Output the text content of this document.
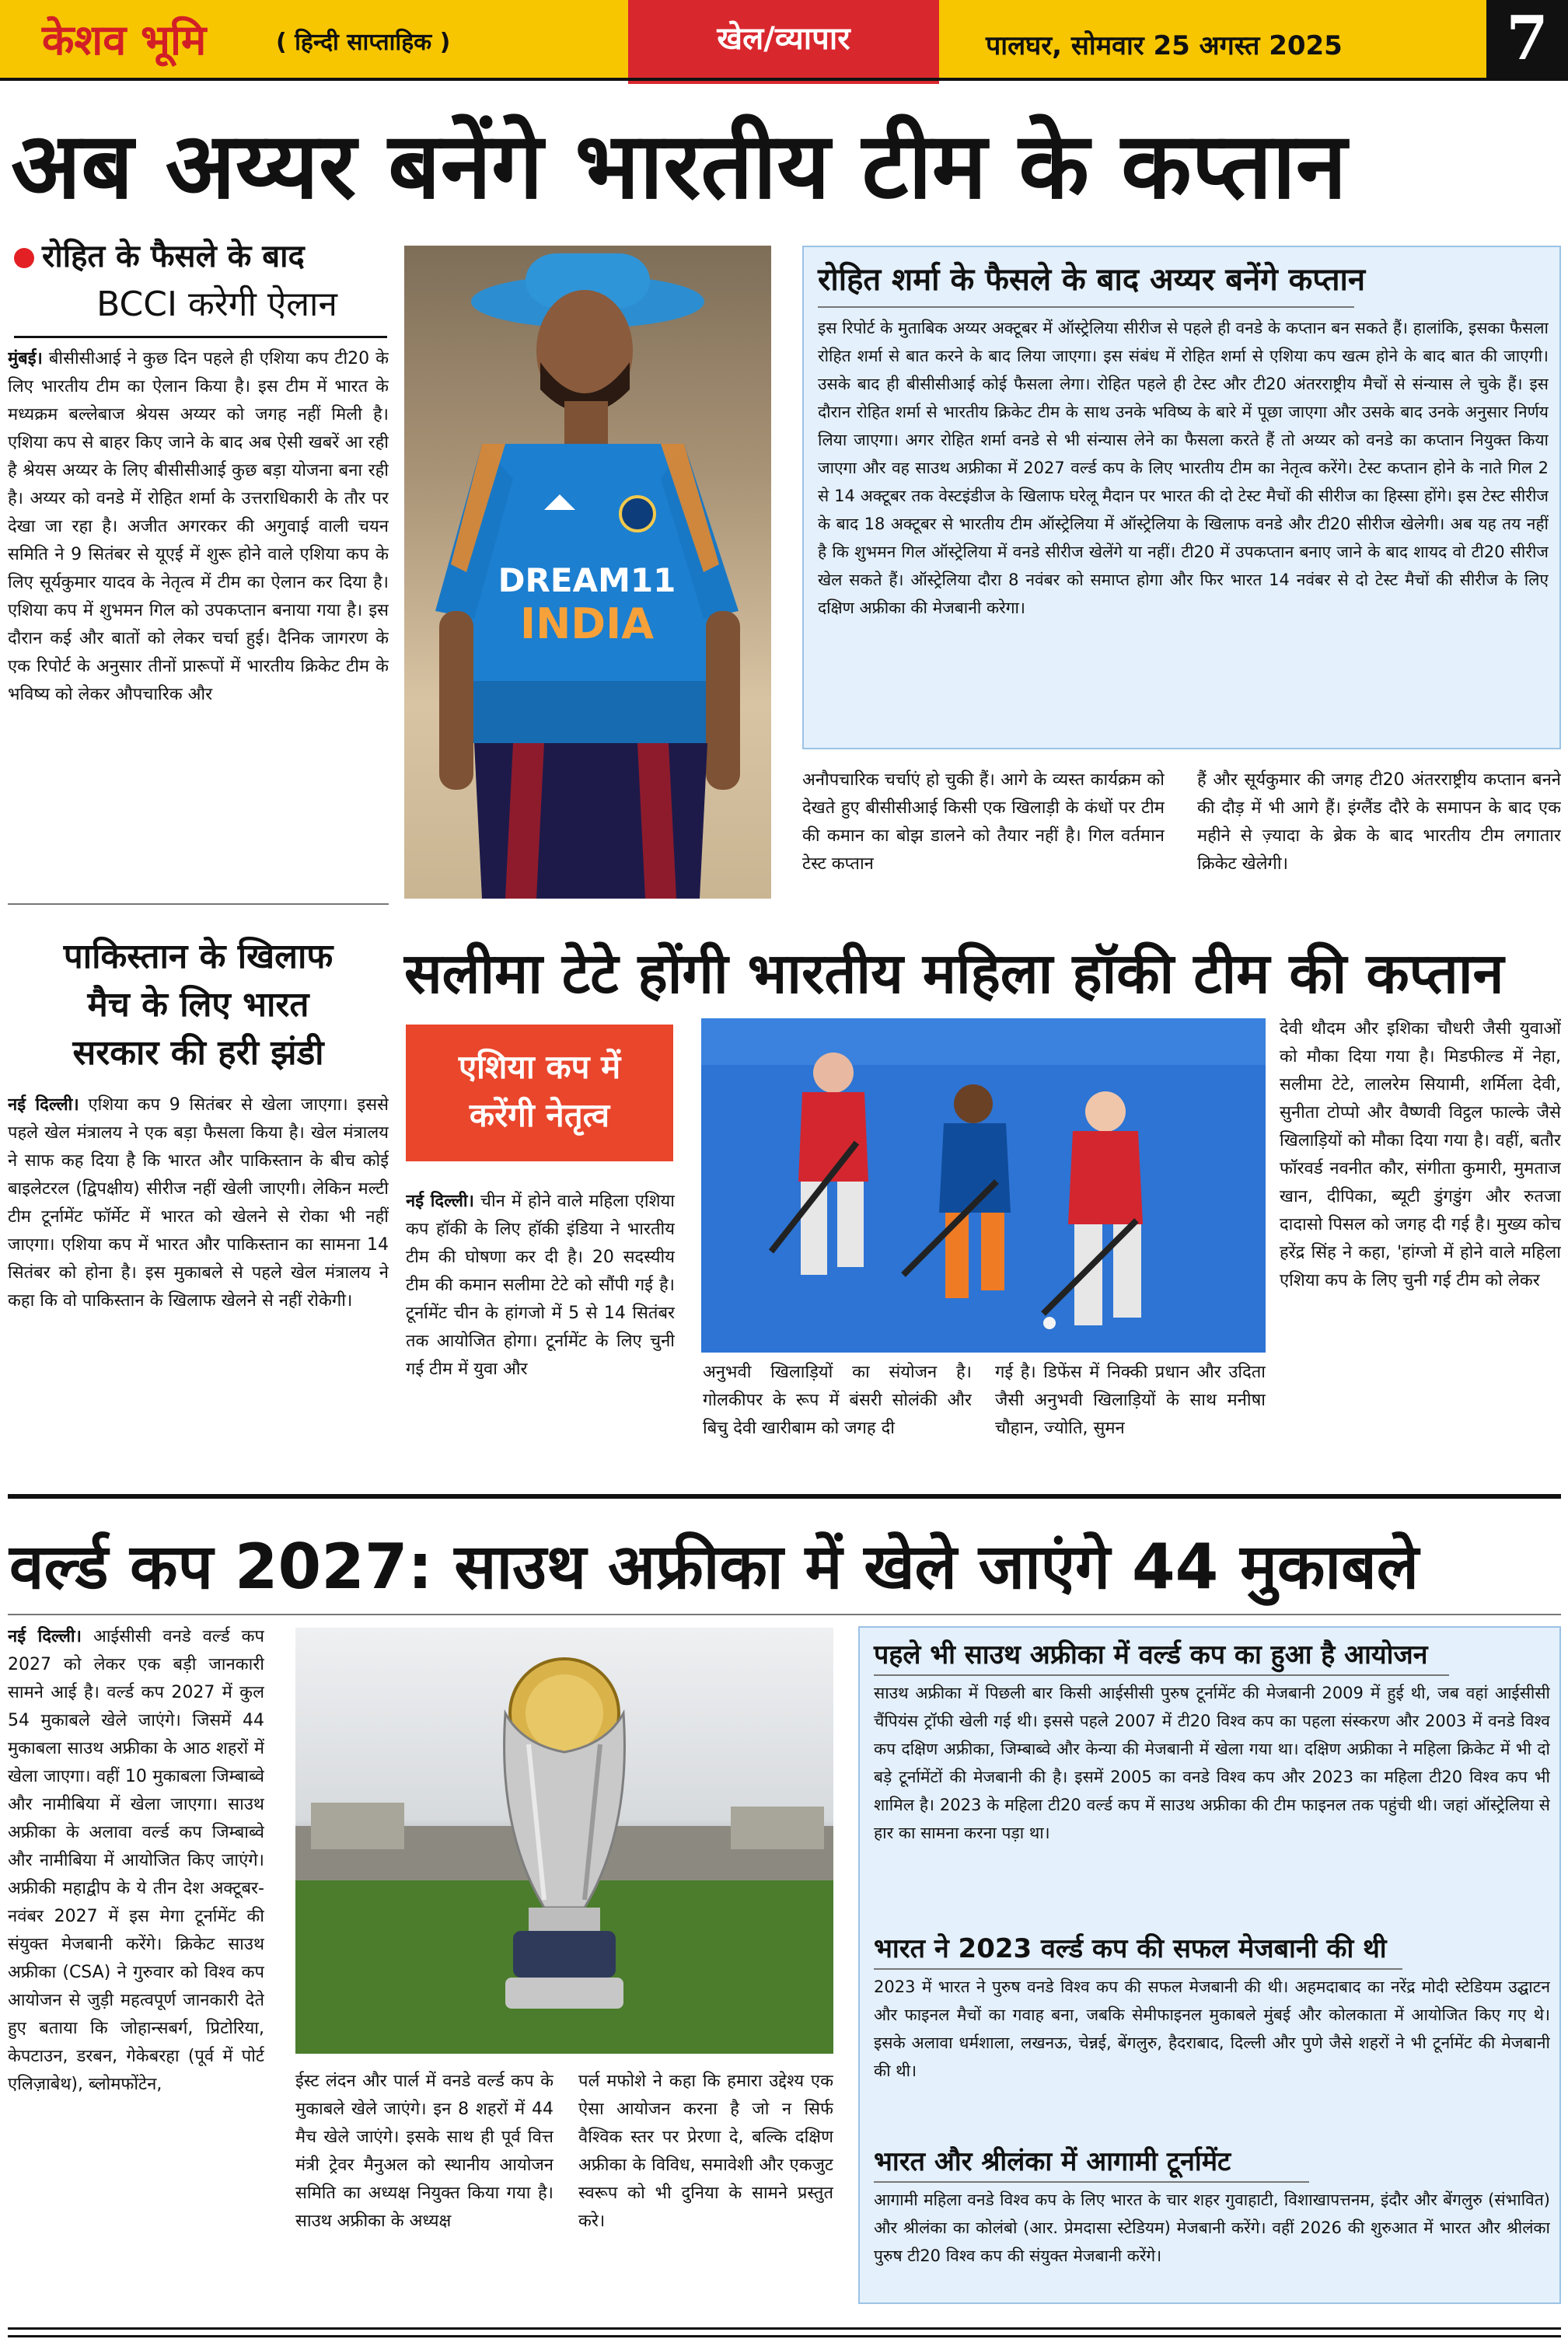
केशव भूमि	( हिन्दी साप्ताहिक )	खेल/व्यापार	पालघर, सोमवार 25 अगस्त 2025	7
अब अय्यर बनेंगे भारतीय टीम के कप्तान
रोहित के फैसले के बाद
BCCI करेगी ऐलान
मुंबई। बीसीसीआई ने कुछ दिन पहले ही एशिया कप टी20 के लिए भारतीय टीम का ऐलान किया है। इस टीम में भारत के मध्यक्रम बल्लेबाज श्रेयस अय्यर को जगह नहीं मिली है। एशिया कप से बाहर किए जाने के बाद अब ऐसी खबरें आ रही है श्रेयस अय्यर के लिए बीसीसीआई कुछ बड़ा योजना बना रही है। अय्यर को वनडे में रोहित शर्मा के उत्तराधिकारी के तौर पर देखा जा रहा है। अजीत अगरकर की अगुवाई वाली चयन समिति ने 9 सितंबर से यूएई में शुरू होने वाले एशिया कप के लिए सूर्यकुमार यादव के नेतृत्व में टीम का ऐलान कर दिया है। एशिया कप में शुभमन गिल को उपकप्तान बनाया गया है। इस दौरान कई और बातों को लेकर चर्चा हुई। दैनिक जागरण के एक रिपोर्ट के अनुसार तीनों प्रारूपों में भारतीय क्रिकेट टीम के भविष्य को लेकर औपचारिक और
DREAM11
INDIA
रोहित शर्मा के फैसले के बाद अय्यर बनेंगे कप्तान
इस रिपोर्ट के मुताबिक अय्यर अक्टूबर में ऑस्ट्रेलिया सीरीज से पहले ही वनडे के कप्तान बन सकते हैं। हालांकि, इसका फैसला रोहित शर्मा से बात करने के बाद लिया जाएगा। इस संबंध में रोहित शर्मा से एशिया कप खत्म होने के बाद बात की जाएगी। उसके बाद ही बीसीसीआई कोई फैसला लेगा। रोहित पहले ही टेस्ट और टी20 अंतरराष्ट्रीय मैचों से संन्यास ले चुके हैं। इस दौरान रोहित शर्मा से भारतीय क्रिकेट टीम के साथ उनके भविष्य के बारे में पूछा जाएगा और उसके बाद उनके अनुसार निर्णय लिया जाएगा। अगर रोहित शर्मा वनडे से भी संन्यास लेने का फैसला करते हैं तो अय्यर को वनडे का कप्तान नियुक्त किया जाएगा और वह साउथ अफ्रीका में 2027 वर्ल्ड कप के लिए भारतीय टीम का नेतृत्व करेंगे। टेस्ट कप्तान होने के नाते गिल 2 से 14 अक्टूबर तक वेस्टइंडीज के खिलाफ घरेलू मैदान पर भारत की दो टेस्ट मैचों की सीरीज का हिस्सा होंगे। इस टेस्ट सीरीज के बाद 18 अक्टूबर से भारतीय टीम ऑस्ट्रेलिया में ऑस्ट्रेलिया के खिलाफ वनडे और टी20 सीरीज खेलेगी। अब यह तय नहीं है कि शुभमन गिल ऑस्ट्रेलिया में वनडे सीरीज खेलेंगे या नहीं। टी20 में उपकप्तान बनाए जाने के बाद शायद वो टी20 सीरीज खेल सकते हैं। ऑस्ट्रेलिया दौरा 8 नवंबर को समाप्त होगा और फिर भारत 14 नवंबर से दो टेस्ट मैचों की सीरीज के लिए दक्षिण अफ्रीका की मेजबानी करेगा।
अनौपचारिक चर्चाएं हो चुकी हैं। आगे के व्यस्त कार्यक्रम को देखते हुए बीसीसीआई किसी एक खिलाड़ी के कंधों पर टीम की कमान का बोझ डालने को तैयार नहीं है। गिल वर्तमान टेस्ट कप्तान
हैं और सूर्यकुमार की जगह टी20 अंतरराष्ट्रीय कप्तान बनने की दौड़ में भी आगे हैं। इंग्लैंड दौरे के समापन के बाद एक महीने से ज़्यादा के ब्रेक के बाद भारतीय टीम लगातार क्रिकेट खेलेगी।
पाकिस्तान के खिलाफ
मैच के लिए भारत
सरकार की हरी झंडी
नई दिल्ली। एशिया कप 9 सितंबर से खेला जाएगा। इससे पहले खेल मंत्रालय ने एक बड़ा फैसला किया है। खेल मंत्रालय ने साफ कह दिया है कि भारत और पाकिस्तान के बीच कोई बाइलेटरल (द्विपक्षीय) सीरीज नहीं खेली जाएगी। लेकिन मल्टी टीम टूर्नामेंट फॉर्मेट में भारत को खेलने से रोका भी नहीं जाएगा। एशिया कप में भारत और पाकिस्तान का सामना 14 सितंबर को होना है। इस मुकाबले से पहले खेल मंत्रालय ने कहा कि वो पाकिस्तान के खिलाफ खेलने से नहीं रोकेगी।
सलीमा टेटे होंगी भारतीय महिला हॉकी टीम की कप्तान
एशिया कप में
करेंगी नेतृत्व
नई दिल्ली। चीन में होने वाले महिला एशिया कप हॉकी के लिए हॉकी इंडिया ने भारतीय टीम की घोषणा कर दी है। 20 सदस्यीय टीम की कमान सलीमा टेटे को सौंपी गई है। टूर्नामेंट चीन के हांगजो में 5 से 14 सितंबर तक आयोजित होगा। टूर्नामेंट के लिए चुनी गई टीम में युवा और	अनुभवी खिलाड़ियों का संयोजन है। गोलकीपर के रूप में बंसरी सोलंकी और बिचु देवी खारीबाम को जगह दी
गई है। डिफेंस में निक्की प्रधान और उदिता जैसी अनुभवी खिलाड़ियों के साथ मनीषा चौहान, ज्योति, सुमन
देवी थौदम और इशिका चौधरी जैसी युवाओं को मौका दिया गया है। मिडफील्ड में नेहा, सलीमा टेटे, लालरेम सियामी, शर्मिला देवी, सुनीता टोप्पो और वैष्णवी विट्ठल फाल्के जैसे खिलाड़ियों को मौका दिया गया है। वहीं, बतौर फॉरवर्ड नवनीत कौर, संगीता कुमारी, मुमताज खान, दीपिका, ब्यूटी डुंगडुंग और रुतजा दादासो पिसल को जगह दी गई है। मुख्य कोच हरेंद्र सिंह ने कहा, 'हांग्जो में होने वाले महिला एशिया कप के लिए चुनी गई टीम को लेकर
वर्ल्ड कप 2027: साउथ अफ्रीका में खेले जाएंगे 44 मुकाबले
नई दिल्ली। आईसीसी वनडे वर्ल्ड कप 2027 को लेकर एक बड़ी जानकारी सामने आई है। वर्ल्ड कप 2027 में कुल 54 मुकाबले खेले जाएंगे। जिसमें 44 मुकाबला साउथ अफ्रीका के आठ शहरों में खेला जाएगा। वहीं 10 मुकाबला जिम्बाब्वे और नामीबिया में खेला जाएगा। साउथ अफ्रीका के अलावा वर्ल्ड कप जिम्बाब्वे और नामीबिया में आयोजित किए जाएंगे। अफ्रीकी महाद्वीप के ये तीन देश अक्टूबर-नवंबर 2027 में इस मेगा टूर्नामेंट की संयुक्त मेजबानी करेंगे। क्रिकेट साउथ अफ्रीका (CSA) ने गुरुवार को विश्व कप आयोजन से जुड़ी महत्वपूर्ण जानकारी देते हुए बताया कि जोहान्सबर्ग, प्रिटोरिया, केपटाउन, डरबन, गेकेबरहा (पूर्व में पोर्ट एलिज़ाबेथ), ब्लोमफोंटेन,	ईस्ट लंदन और पार्ल में वनडे वर्ल्ड कप के मुकाबले खेले जाएंगे। इन 8 शहरों में 44 मैच खेले जाएंगे। इसके साथ ही पूर्व वित्त मंत्री ट्रेवर मैनुअल को स्थानीय आयोजन समिति का अध्यक्ष नियुक्त किया गया है। साउथ अफ्रीका के अध्यक्ष
पर्ल मफोशे ने कहा कि हमारा उद्देश्य एक ऐसा आयोजन करना है जो न सिर्फ वैश्विक स्तर पर प्रेरणा दे, बल्कि दक्षिण अफ्रीका के विविध, समावेशी और एकजुट स्वरूप को भी दुनिया के सामने प्रस्तुत करे।
पहले भी साउथ अफ्रीका में वर्ल्ड कप का हुआ है आयोजन
साउथ अफ्रीका में पिछली बार किसी आईसीसी पुरुष टूर्नामेंट की मेजबानी 2009 में हुई थी, जब वहां आईसीसी चैंपियंस ट्रॉफी खेली गई थी। इससे पहले 2007 में टी20 विश्व कप का पहला संस्करण और 2003 में वनडे विश्व कप दक्षिण अफ्रीका, जिम्बाब्वे और केन्या की मेजबानी में खेला गया था। दक्षिण अफ्रीका ने महिला क्रिकेट में भी दो बड़े टूर्नामेंटों की मेजबानी की है। इसमें 2005 का वनडे विश्व कप और 2023 का महिला टी20 विश्व कप भी शामिल है। 2023 के महिला टी20 वर्ल्ड कप में साउथ अफ्रीका की टीम फाइनल तक पहुंची थी। जहां ऑस्ट्रेलिया से हार का सामना करना पड़ा था।
भारत ने 2023 वर्ल्ड कप की सफल मेजबानी की थी
2023 में भारत ने पुरुष वनडे विश्व कप की सफल मेजबानी की थी। अहमदाबाद का नरेंद्र मोदी स्टेडियम उद्घाटन और फाइनल मैचों का गवाह बना, जबकि सेमीफाइनल मुकाबले मुंबई और कोलकाता में आयोजित किए गए थे। इसके अलावा धर्मशाला, लखनऊ, चेन्नई, बेंगलुरु, हैदराबाद, दिल्ली और पुणे जैसे शहरों ने भी टूर्नामेंट की मेजबानी की थी।
भारत और श्रीलंका में आगामी टूर्नामेंट
आगामी महिला वनडे विश्व कप के लिए भारत के चार शहर गुवाहाटी, विशाखापत्तनम, इंदौर और बेंगलुरु (संभावित) और श्रीलंका का कोलंबो (आर. प्रेमदासा स्टेडियम) मेजबानी करेंगे। वहीं 2026 की शुरुआत में भारत और श्रीलंका पुरुष टी20 विश्व कप की संयुक्त मेजबानी करेंगे।
